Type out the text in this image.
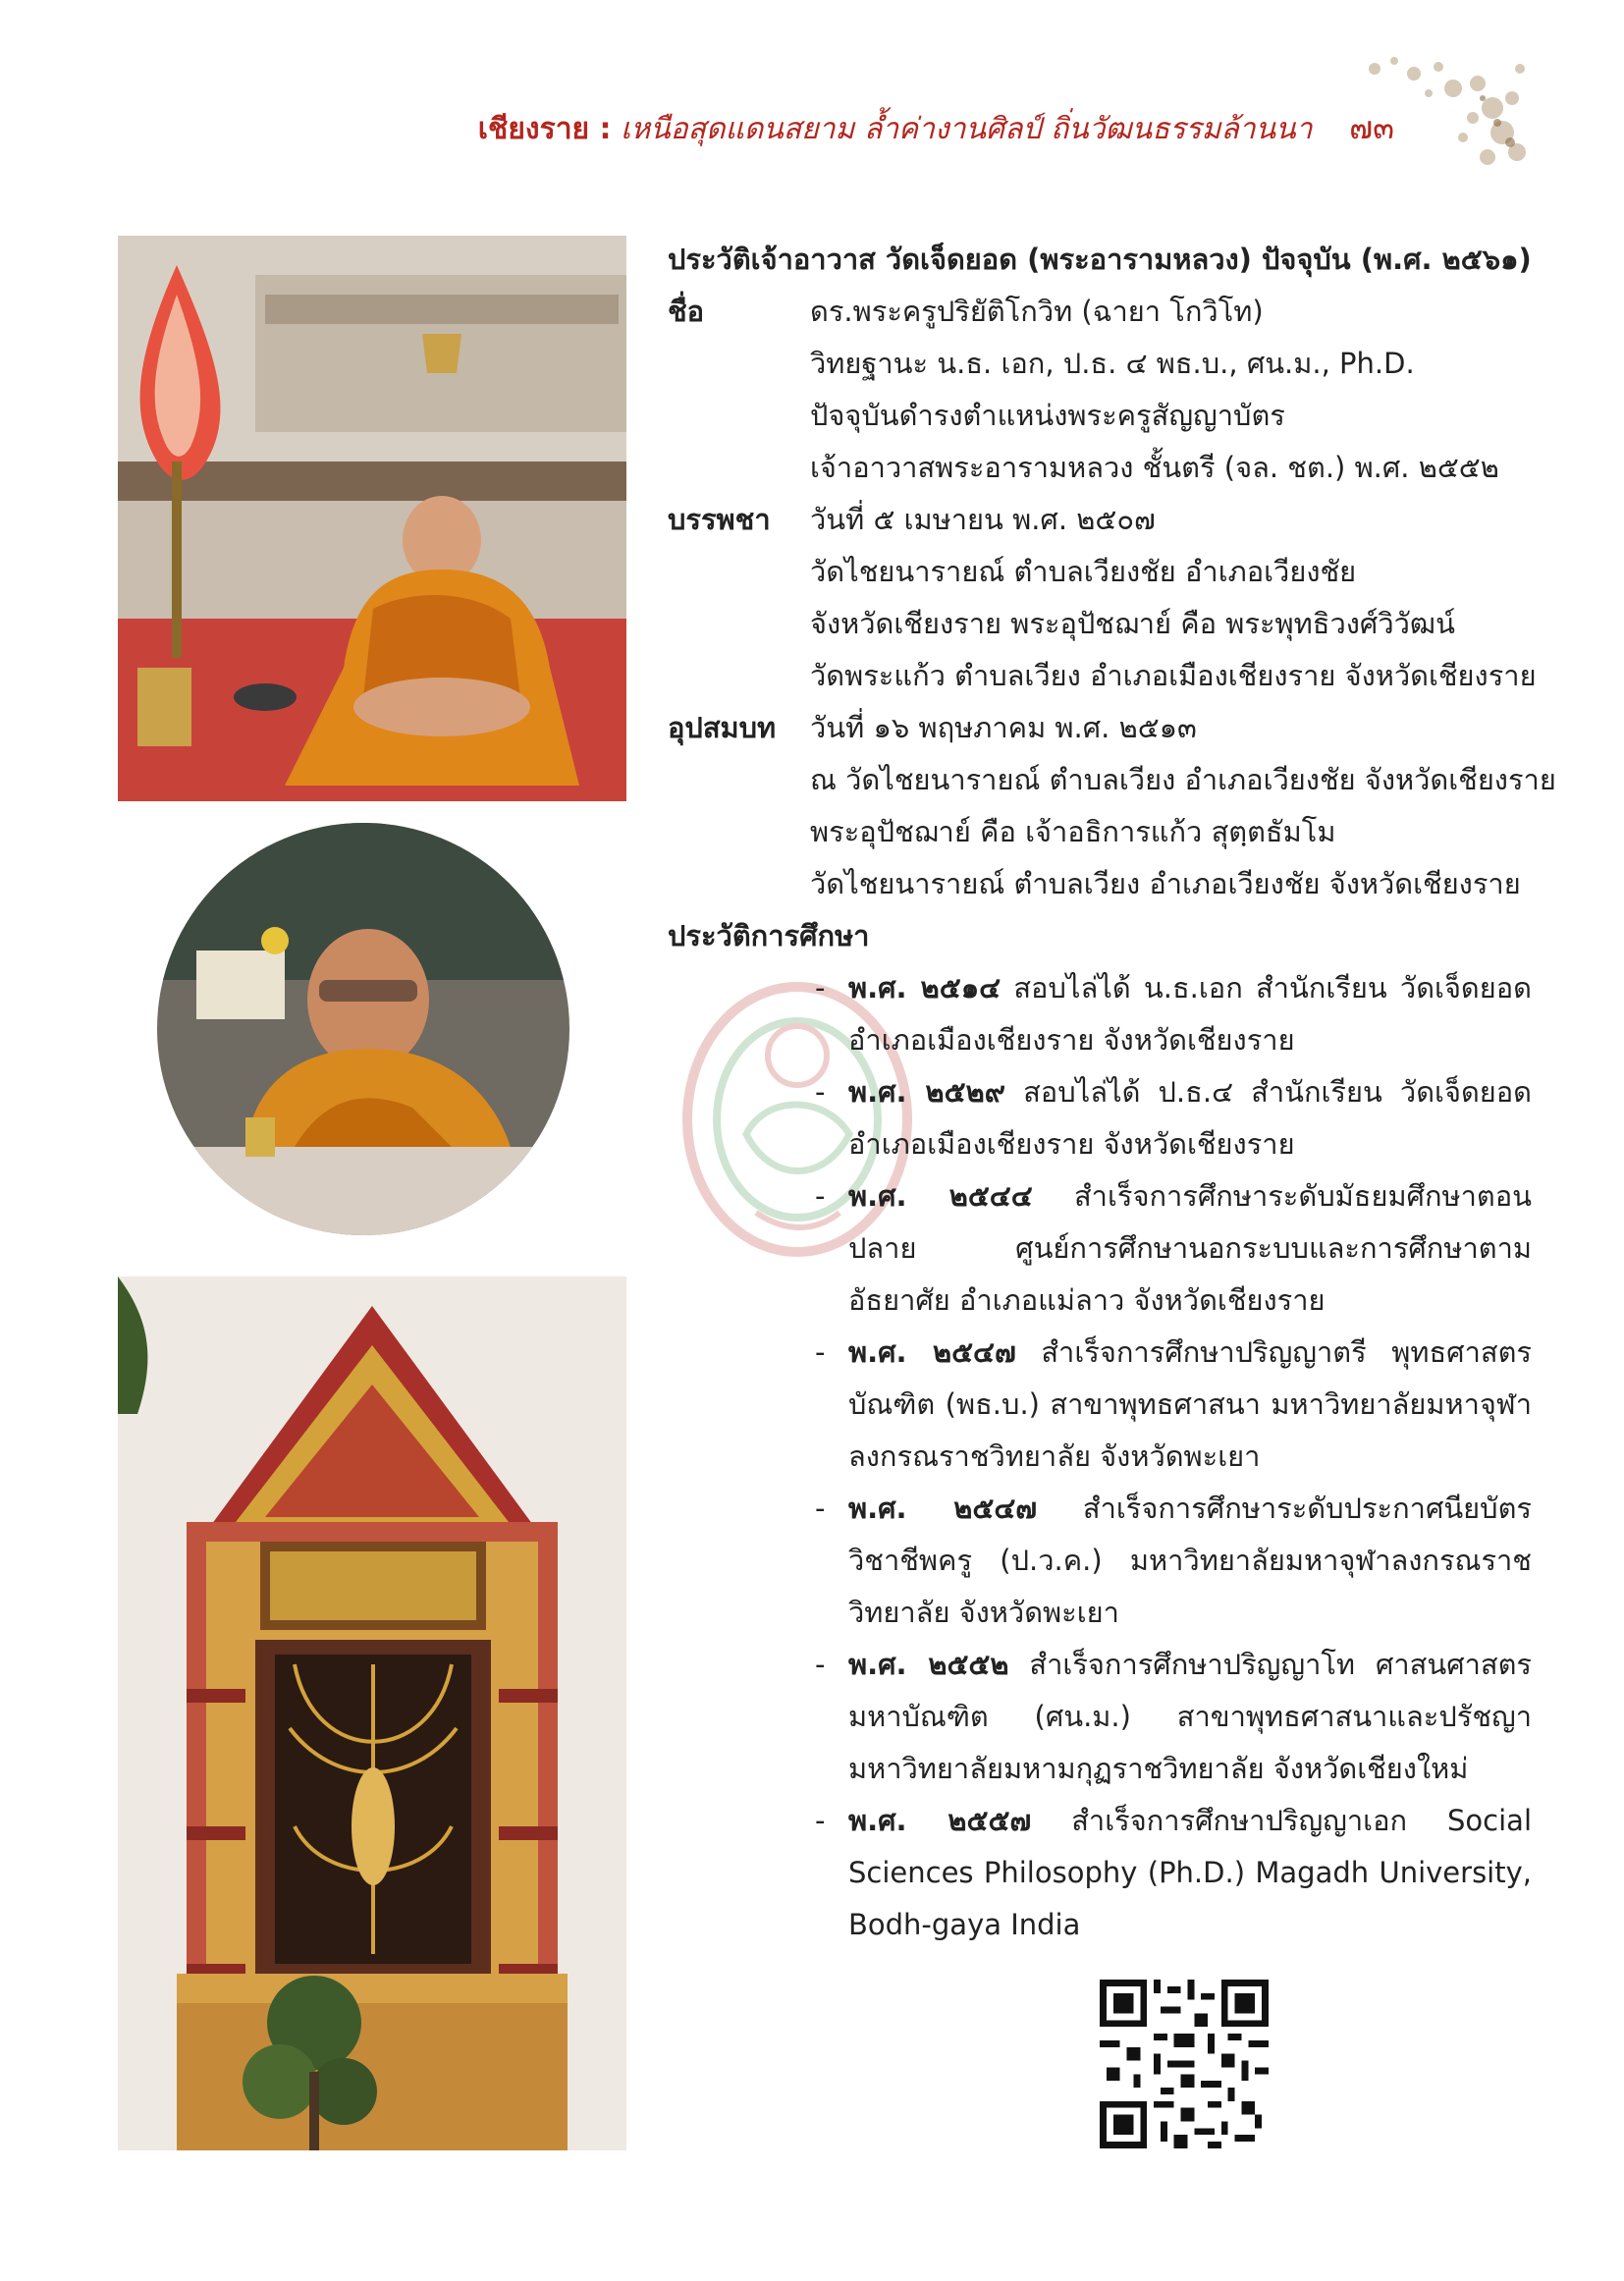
เชียงราย : เหนือสุดแดนสยาม ล้ำค่างานศิลป์ ถิ่นวัฒนธรรมล้านนา ๗๓

ประวัติเจ้าอาวาส วัดเจ็ดยอด (พระอารามหลวง) ปัจจุบัน (พ.ศ. ๒๕๖๑)

ชื่อ	ดร.พระครูปริยัติโกวิท (ฉายา โกวิโท)
วิทยฐานะ น.ธ. เอก, ป.ธ. ๔ พธ.บ., ศน.ม., Ph.D.
ปัจจุบันดำรงตำแหน่งพระครูสัญญาบัตร
เจ้าอาวาสพระอารามหลวง ชั้นตรี (จล. ชต.) พ.ศ. ๒๕๕๒
บรรพชา	วันที่ ๕ เมษายน พ.ศ. ๒๕๐๗
วัดไชยนารายณ์ ตำบลเวียงชัย อำเภอเวียงชัย
จังหวัดเชียงราย พระอุปัชฌาย์ คือ พระพุทธิวงศ์วิวัฒน์
วัดพระแก้ว ตำบลเวียง อำเภอเมืองเชียงราย จังหวัดเชียงราย
อุปสมบท	วันที่ ๑๖ พฤษภาคม พ.ศ. ๒๕๑๓
ณ วัดไชยนารายณ์ ตำบลเวียง อำเภอเวียงชัย จังหวัดเชียงราย
พระอุปัชฌาย์ คือ เจ้าอธิการแก้ว สุตฺตธัมโม
วัดไชยนารายณ์ ตำบลเวียง อำเภอเวียงชัย จังหวัดเชียงราย
ประวัติการศึกษา
- พ.ศ. ๒๕๑๔ สอบไล่ได้ น.ธ.เอก สำนักเรียน วัดเจ็ดยอด อำเภอเมืองเชียงราย จังหวัดเชียงราย
- พ.ศ. ๒๕๒๙ สอบไล่ได้ ป.ธ.๔ สำนักเรียน วัดเจ็ดยอด อำเภอเมืองเชียงราย จังหวัดเชียงราย
- พ.ศ. ๒๕๔๔ สำเร็จการศึกษาระดับมัธยมศึกษาตอนปลาย ศูนย์การศึกษานอกระบบและการศึกษาตามอัธยาศัย อำเภอแม่ลาว จังหวัดเชียงราย
- พ.ศ. ๒๕๔๗ สำเร็จการศึกษาปริญญาตรี พุทธศาสตรบัณฑิต (พธ.บ.) สาขาพุทธศาสนา มหาวิทยาลัยมหาจุฬาลงกรณราชวิทยาลัย จังหวัดพะเยา
- พ.ศ. ๒๕๔๗ สำเร็จการศึกษาระดับประกาศนียบัตรวิชาชีพครู (ป.ว.ค.) มหาวิทยาลัยมหาจุฬาลงกรณราชวิทยาลัย จังหวัดพะเยา
- พ.ศ. ๒๕๕๒ สำเร็จการศึกษาปริญญาโท ศาสนศาสตรมหาบัณฑิต (ศน.ม.) สาขาพุทธศาสนาและปรัชญา มหาวิทยาลัยมหามกุฏราชวิทยาลัย จังหวัดเชียงใหม่
- พ.ศ. ๒๕๕๗ สำเร็จการศึกษาปริญญาเอก Social Sciences Philosophy (Ph.D.) Magadh University, Bodh-gaya India
